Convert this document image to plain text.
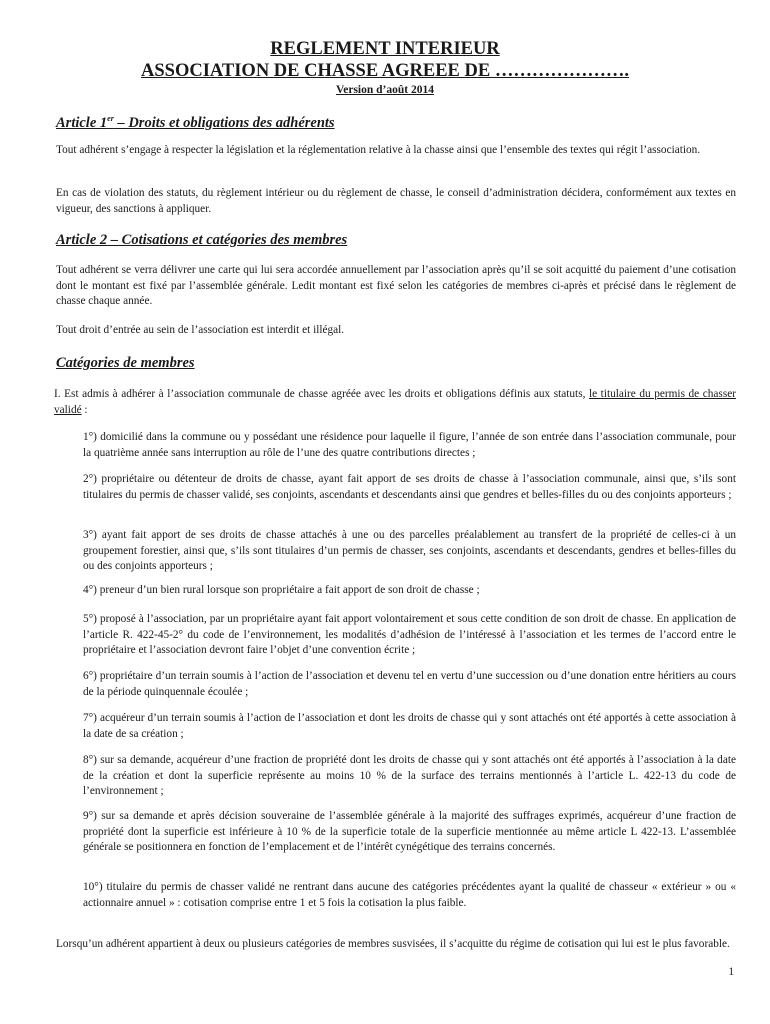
REGLEMENT INTERIEUR
ASSOCIATION DE CHASSE AGREEE DE ………………….
Version d’août 2014
Article 1er – Droits et obligations des adhérents

Tout adhérent s’engage à respecter la législation et la réglementation relative à la chasse ainsi que l’ensemble des textes qui régit l’association.

En cas de violation des statuts, du règlement intérieur ou du règlement de chasse, le conseil d’administration décidera, conformément aux textes en vigueur, des sanctions à appliquer.

Article 2 – Cotisations et catégories des membres

Tout adhérent se verra délivrer une carte qui lui sera accordée annuellement par l’association après qu’il se soit acquitté du paiement d’une cotisation dont le montant est fixé par l’assemblée générale. Ledit montant est fixé selon les catégories de membres ci-après et précisé dans le règlement de chasse chaque année.

Tout droit d’entrée au sein de l’association est interdit et illégal.

Catégories de membres

I. Est admis à adhérer à l’association communale de chasse agréée avec les droits et obligations définis aux statuts, le titulaire du permis de chasser validé :

1°) domicilié dans la commune ou y possédant une résidence pour laquelle il figure, l’année de son entrée dans l’association communale, pour la quatrième année sans interruption au rôle de l’une des quatre contributions directes ;

2°) propriétaire ou détenteur de droits de chasse, ayant fait apport de ses droits de chasse à l’association communale, ainsi que, s’ils sont titulaires du permis de chasser validé, ses conjoints, ascendants et descendants ainsi que gendres et belles-filles du ou des conjoints apporteurs ;

3°) ayant fait apport de ses droits de chasse attachés à une ou des parcelles préalablement au transfert de la propriété de celles-ci à un groupement forestier, ainsi que, s’ils sont titulaires d’un permis de chasser, ses conjoints, ascendants et descendants, gendres et belles-filles du ou des conjoints apporteurs ;

4°) preneur d’un bien rural lorsque son propriétaire a fait apport de son droit de chasse ;

5°) proposé à l’association, par un propriétaire ayant fait apport volontairement et sous cette condition de son droit de chasse. En application de l’article R. 422-45-2° du code de l’environnement, les modalités d’adhésion de l’intéressé à l’association et les termes de l’accord entre le propriétaire et l’association devront faire l’objet d’une convention écrite ;

6°) propriétaire d’un terrain soumis à l’action de l’association et devenu tel en vertu d’une succession ou d’une donation entre héritiers au cours de la période quinquennale écoulée ;

7°) acquéreur d’un terrain soumis à l’action de l’association et dont les droits de chasse qui y sont attachés ont été apportés à cette association à la date de sa création ;

8°) sur sa demande, acquéreur d’une fraction de propriété dont les droits de chasse qui y sont attachés ont été apportés à l’association à la date de la création et dont la superficie représente au moins 10 % de la surface des terrains mentionnés à l’article L. 422-13 du code de l’environnement ;

9°) sur sa demande et après décision souveraine de l’assemblée générale à la majorité des suffrages exprimés, acquéreur d’une fraction de propriété dont la superficie est inférieure à 10 % de la superficie totale de la superficie mentionnée au même article L 422-13. L’assemblée générale se positionnera en fonction de l’emplacement et de l’intérêt cynégétique des terrains concernés.

10°) titulaire du permis de chasser validé ne rentrant dans aucune des catégories précédentes ayant la qualité de chasseur « extérieur » ou « actionnaire annuel » : cotisation comprise entre 1 et 5 fois la cotisation la plus faible.

Lorsqu’un adhérent appartient à deux ou plusieurs catégories de membres susvisées, il s’acquitte du régime de cotisation qui lui est le plus favorable.

1
